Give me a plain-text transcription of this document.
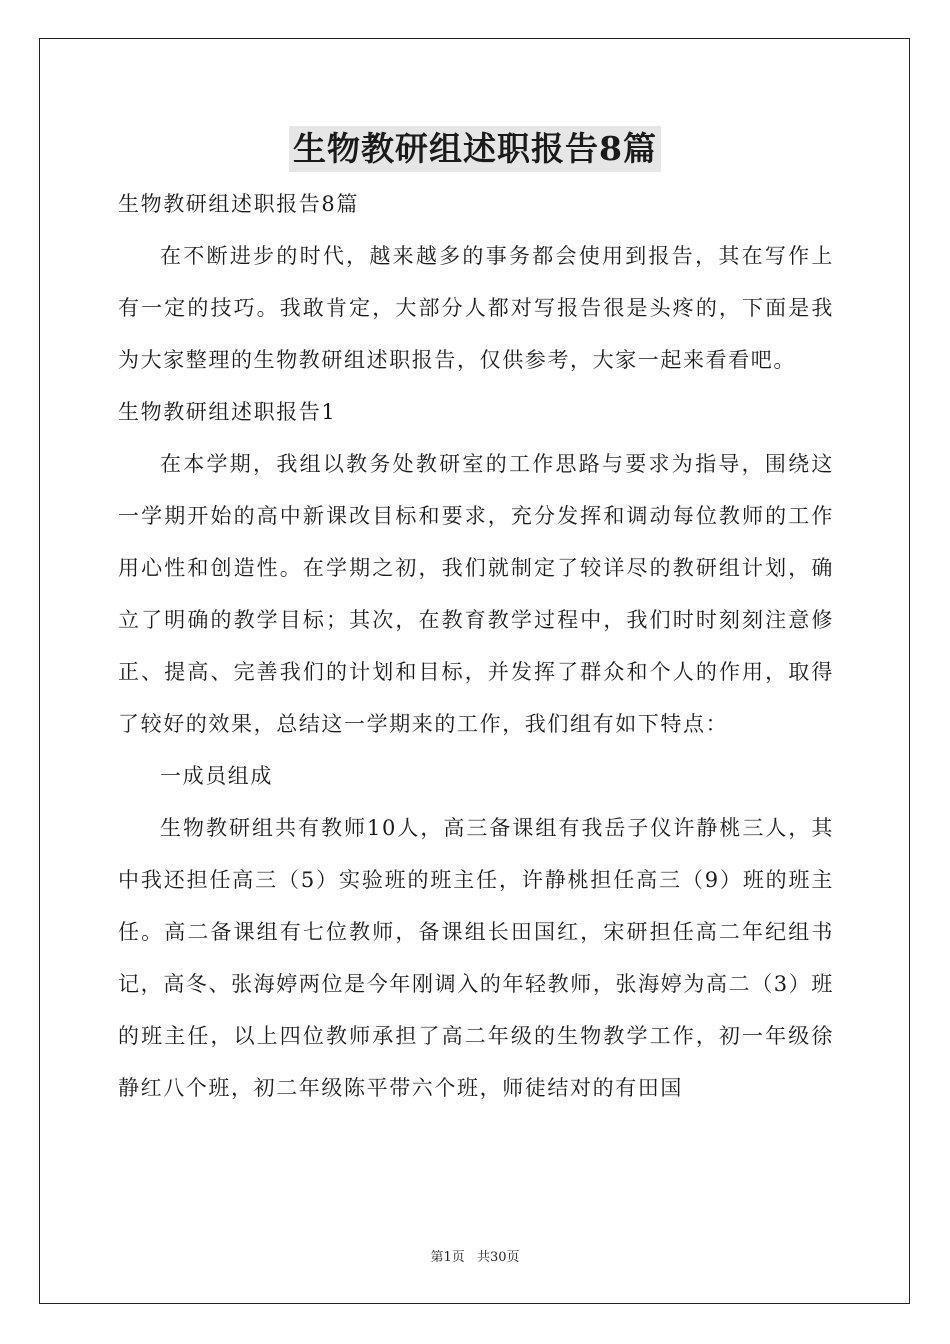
生物教研组述职报告8篇

生物教研组述职报告8篇

在不断进步的时代，越来越多的事务都会使用到报告，其在写作上有一定的技巧。我敢肯定，大部分人都对写报告很是头疼的，下面是我为大家整理的生物教研组述职报告，仅供参考，大家一起来看看吧。

生物教研组述职报告1

在本学期，我组以教务处教研室的工作思路与要求为指导，围绕这一学期开始的高中新课改目标和要求，充分发挥和调动每位教师的工作用心性和创造性。在学期之初，我们就制定了较详尽的教研组计划，确立了明确的教学目标；其次，在教育教学过程中，我们时时刻刻注意修正、提高、完善我们的计划和目标，并发挥了群众和个人的作用，取得了较好的效果，总结这一学期来的工作，我们组有如下特点：

一成员组成

生物教研组共有教师10人，高三备课组有我岳子仪许静桃三人，其中我还担任高三（5）实验班的班主任，许静桃担任高三（9）班的班主任。高二备课组有七位教师，备课组长田国红，宋研担任高二年纪组书记，高冬、张海婷两位是今年刚调入的年轻教师，张海婷为高二（3）班的班主任，以上四位教师承担了高二年级的生物教学工作，初一年级徐静红八个班，初二年级陈平带六个班，师徒结对的有田国

第1页 共30页
